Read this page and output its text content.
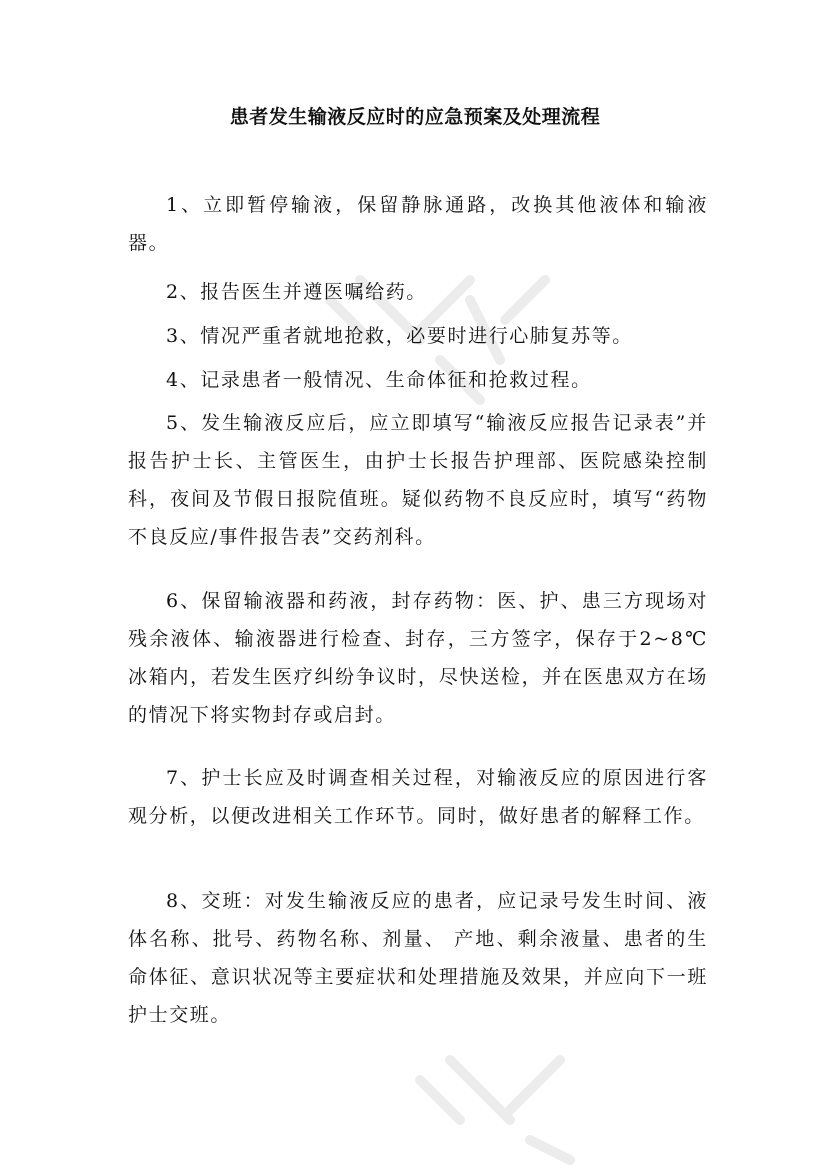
患者发生输液反应时的应急预案及处理流程

1、立即暂停输液，保留静脉通路，改换其他液体和输液器。

2、报告医生并遵医嘱给药。

3、情况严重者就地抢救，必要时进行心肺复苏等。

4、记录患者一般情况、生命体征和抢救过程。

5、发生输液反应后，应立即填写“输液反应报告记录表”并报告护士长、主管医生，由护士长报告护理部、医院感染控制科，夜间及节假日报院值班。疑似药物不良反应时，填写“药物不良反应/事件报告表”交药剂科。

6、保留输液器和药液，封存药物：医、护、患三方现场对残余液体、输液器进行检查、封存，三方签字，保存于2~8℃冰箱内，若发生医疗纠纷争议时，尽快送检，并在医患双方在场的情况下将实物封存或启封。

7、护士长应及时调查相关过程，对输液反应的原因进行客观分析，以便改进相关工作环节。同时，做好患者的解释工作。

8、交班：对发生输液反应的患者，应记录号发生时间、液体名称、批号、药物名称、剂量、 产地、剩余液量、患者的生命体征、意识状况等主要症状和处理措施及效果，并应向下一班护士交班。
